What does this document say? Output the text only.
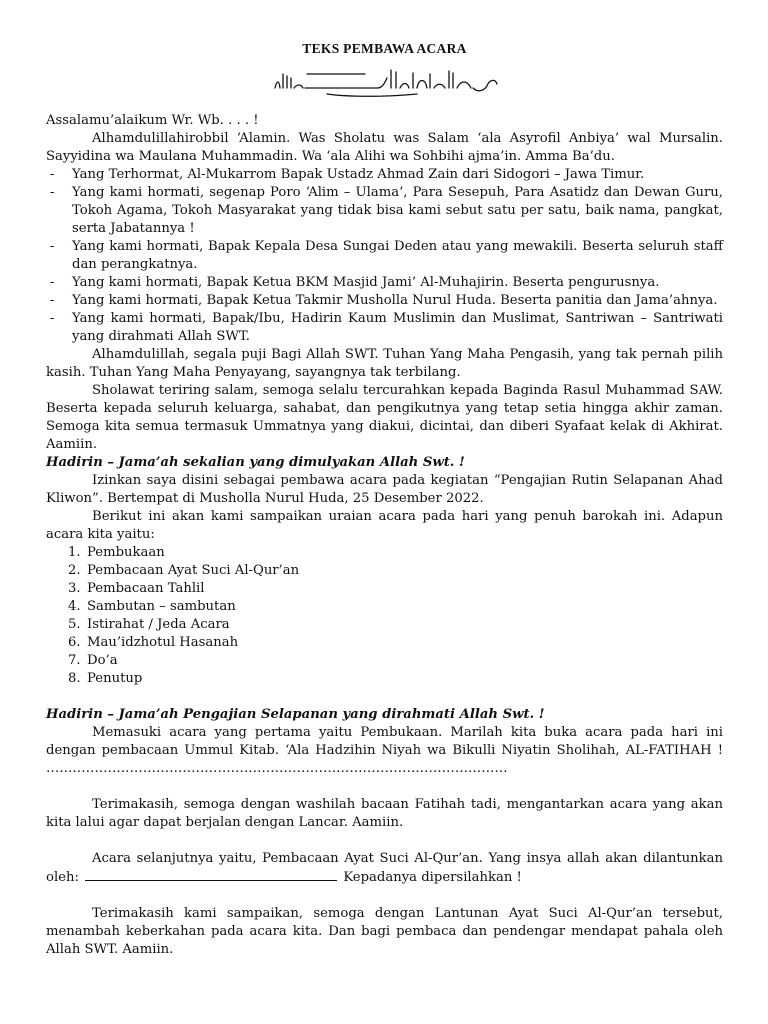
TEKS PEMBAWA ACARA

Assalamu’alaikum Wr. Wb. . . . !

Alhamdulillahirobbil ‘Alamin. Was Sholatu was Salam ‘ala Asyrofil Anbiya’ wal Mursalin. Sayyidina wa Maulana Muhammadin. Wa ‘ala Alihi wa Sohbihi ajma’in. Amma Ba’du.

- Yang Terhormat, Al-Mukarrom Bapak Ustadz Ahmad Zain dari Sidogori – Jawa Timur.
- Yang kami hormati, segenap Poro ‘Alim – Ulama’, Para Sesepuh, Para Asatidz dan Dewan Guru, Tokoh Agama, Tokoh Masyarakat yang tidak bisa kami sebut satu per satu, baik nama, pangkat, serta Jabatannya !
- Yang kami hormati, Bapak Kepala Desa Sungai Deden atau yang mewakili. Beserta seluruh staff dan perangkatnya.
- Yang kami hormati, Bapak Ketua BKM Masjid Jami’ Al-Muhajirin. Beserta pengurusnya.
- Yang kami hormati, Bapak Ketua Takmir Musholla Nurul Huda. Beserta panitia dan Jama’ahnya.
- Yang kami hormati, Bapak/Ibu, Hadirin Kaum Muslimin dan Muslimat, Santriwan – Santriwati yang dirahmati Allah SWT.

Alhamdulillah, segala puji Bagi Allah SWT. Tuhan Yang Maha Pengasih, yang tak pernah pilih kasih. Tuhan Yang Maha Penyayang, sayangnya tak terbilang.

Sholawat teriring salam, semoga selalu tercurahkan kepada Baginda Rasul Muhammad SAW. Beserta kepada seluruh keluarga, sahabat, dan pengikutnya yang tetap setia hingga akhir zaman. Semoga kita semua termasuk Ummatnya yang diakui, dicintai, dan diberi Syafaat kelak di Akhirat. Aamiin.

Hadirin – Jama’ah sekalian yang dimulyakan Allah Swt. !

Izinkan saya disini sebagai pembawa acara pada kegiatan “Pengajian Rutin Selapanan Ahad Kliwon”. Bertempat di Musholla Nurul Huda, 25 Desember 2022.

Berikut ini akan kami sampaikan uraian acara pada hari yang penuh barokah ini. Adapun acara kita yaitu:

1. Pembukaan
2. Pembacaan Ayat Suci Al-Qur’an
3. Pembacaan Tahlil
4. Sambutan – sambutan
5. Istirahat / Jeda Acara
6. Mau’idzhotul Hasanah
7. Do’a
8. Penutup

Hadirin – Jama’ah Pengajian Selapanan yang dirahmati Allah Swt. !

Memasuki acara yang pertama yaitu Pembukaan. Marilah kita buka acara pada hari ini dengan pembacaan Ummul Kitab. ‘Ala Hadzihin Niyah wa Bikulli Niyatin Sholihah, AL-FATIHAH ! ……………………………………………………………………………………………

Terimakasih, semoga dengan washilah bacaan Fatihah tadi, mengantarkan acara yang akan kita lalui agar dapat berjalan dengan Lancar. Aamiin.

Acara selanjutnya yaitu, Pembacaan Ayat Suci Al-Qur’an. Yang insya allah akan dilantunkan oleh:	Kepadanya dipersilahkan !

Terimakasih kami sampaikan, semoga dengan Lantunan Ayat Suci Al-Qur’an tersebut, menambah keberkahan pada acara kita. Dan bagi pembaca dan pendengar mendapat pahala oleh Allah SWT. Aamiin.
